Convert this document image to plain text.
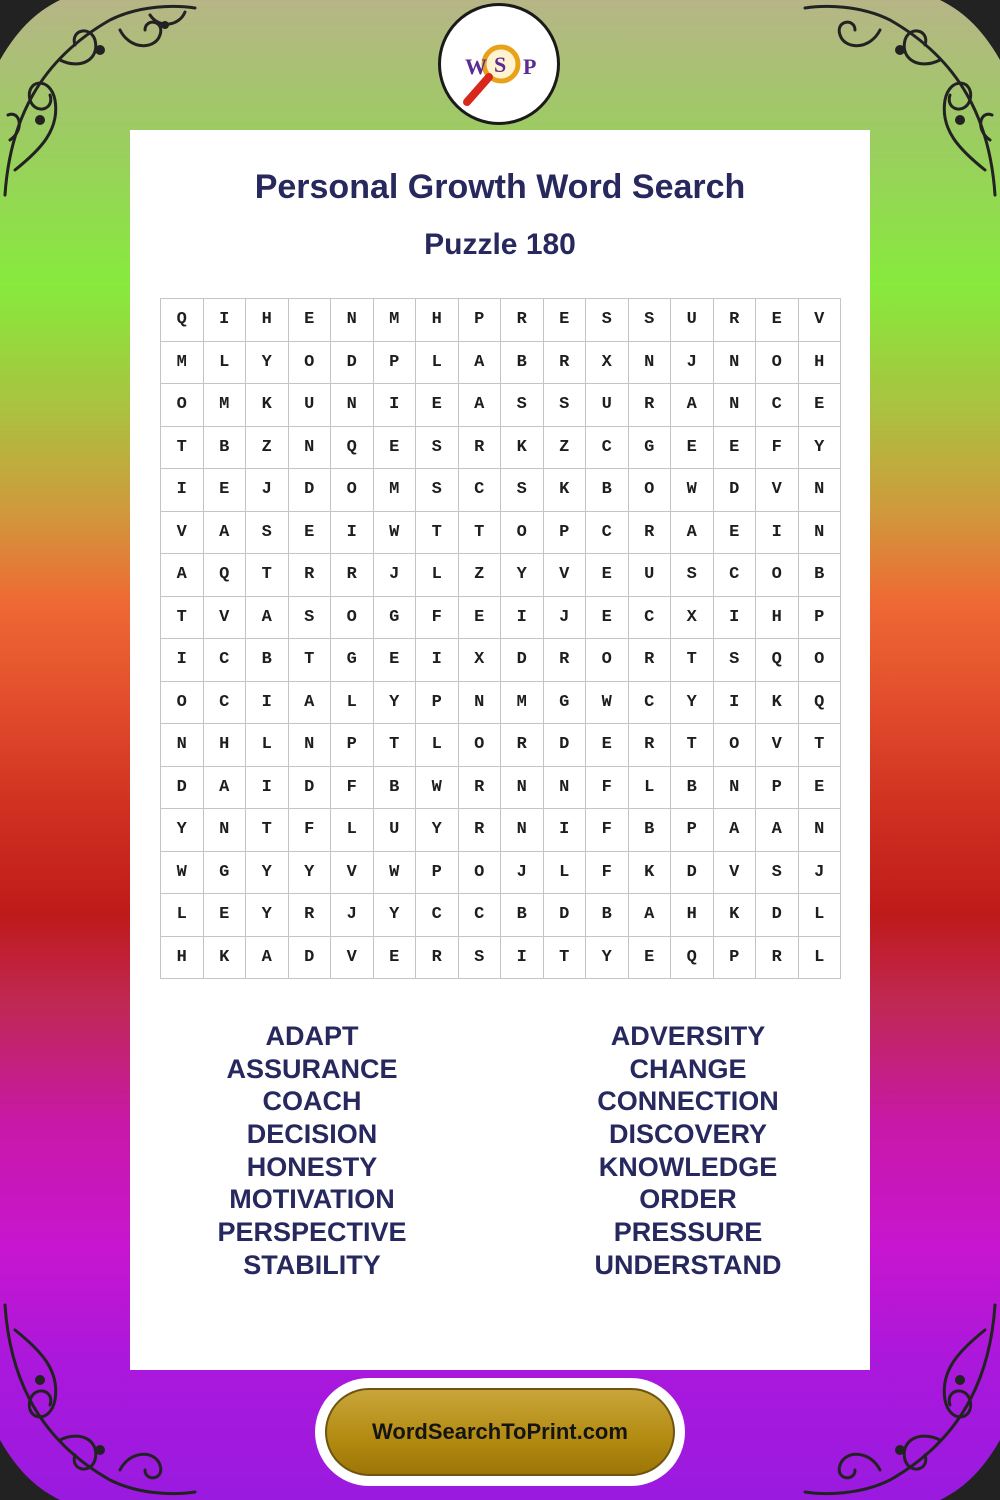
W S P
Personal Growth Word Search
Puzzle 180
Q	I	H	E	N	M	H	P	R	E	S	S	U	R	E	V
M	L	Y	O	D	P	L	A	B	R	X	N	J	N	O	H
O	M	K	U	N	I	E	A	S	S	U	R	A	N	C	E
T	B	Z	N	Q	E	S	R	K	Z	C	G	E	E	F	Y
I	E	J	D	O	M	S	C	S	K	B	O	W	D	V	N
V	A	S	E	I	W	T	T	O	P	C	R	A	E	I	N
A	Q	T	R	R	J	L	Z	Y	V	E	U	S	C	O	B
T	V	A	S	O	G	F	E	I	J	E	C	X	I	H	P
I	C	B	T	G	E	I	X	D	R	O	R	T	S	Q	O
O	C	I	A	L	Y	P	N	M	G	W	C	Y	I	K	Q
N	H	L	N	P	T	L	O	R	D	E	R	T	O	V	T
D	A	I	D	F	B	W	R	N	N	F	L	B	N	P	E
Y	N	T	F	L	U	Y	R	N	I	F	B	P	A	A	N
W	G	Y	Y	V	W	P	O	J	L	F	K	D	V	S	J
L	E	Y	R	J	Y	C	C	B	D	B	A	H	K	D	L
H	K	A	D	V	E	R	S	I	T	Y	E	Q	P	R	L
ADAPT
ASSURANCE
COACH
DECISION
HONESTY
MOTIVATION
PERSPECTIVE
STABILITY
ADVERSITY
CHANGE
CONNECTION
DISCOVERY
KNOWLEDGE
ORDER
PRESSURE
UNDERSTAND
WordSearchToPrint.com
